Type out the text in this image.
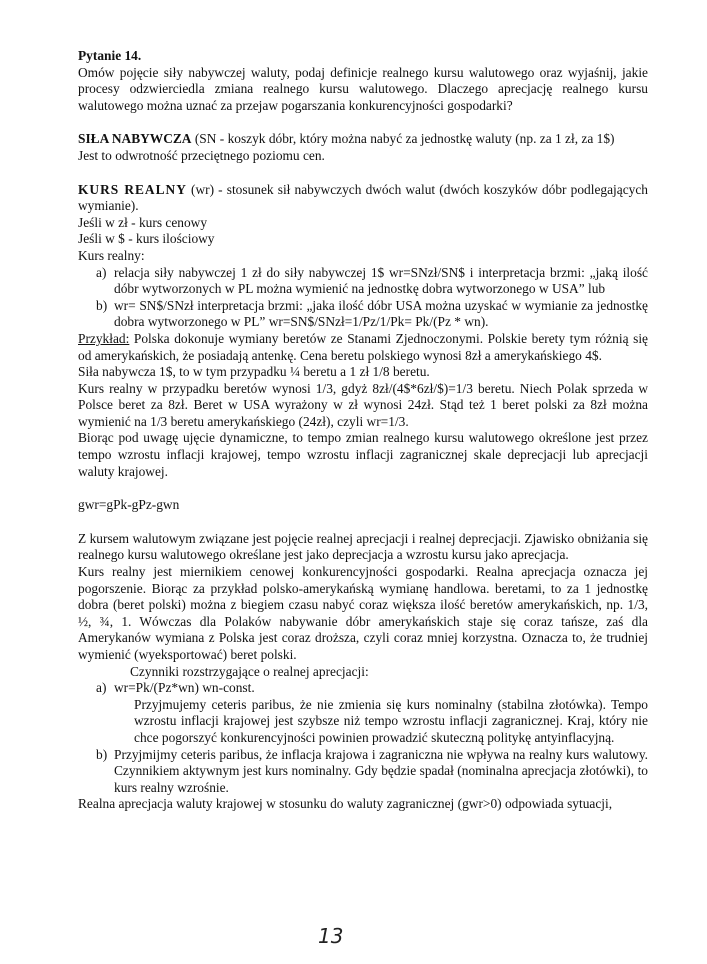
Pytanie 14.

Omów pojęcie siły nabywczej waluty, podaj definicje realnego kursu walutowego oraz wyjaśnij, jakie procesy odzwierciedla zmiana realnego kursu walutowego. Dlaczego aprecjację realnego kursu walutowego można uznać za przejaw pogarszania konkurencyjności gospodarki?

SIŁA NABYWCZA (SN - koszyk dóbr, który można nabyć za jednostkę waluty (np. za 1 zł, za 1$)

Jest to odwrotność przeciętnego poziomu cen.

KURS REALNY (wr) - stosunek sił nabywczych dwóch walut (dwóch koszyków dóbr podlegających wymianie).

Jeśli w zł - kurs cenowy

Jeśli w $ - kurs ilościowy

Kurs realny:

a) relacja siły nabywczej 1 zł do siły nabywczej 1$ wr=SNzł/SN$ i interpretacja brzmi: „jaką ilość dóbr wytworzonych w PL można wymienić na jednostkę dobra wytworzonego w USA” lub
b) wr= SN$/SNzł interpretacja brzmi: „jaka ilość dóbr USA można uzyskać w wymianie za jednostkę dobra wytworzonego w PL” wr=SN$/SNzł=1/Pz/1/Pk= Pk/(Pz * wn).

Przykład: Polska dokonuje wymiany beretów ze Stanami Zjednoczonymi. Polskie berety tym różnią się od amerykańskich, że posiadają antenkę. Cena beretu polskiego wynosi 8zł a amerykańskiego 4$.

Siła nabywcza 1$, to w tym przypadku ¼ beretu a 1 zł 1/8 beretu.

Kurs realny w przypadku beretów wynosi 1/3, gdyż 8zł/(4$*6zł/$)=1/3 beretu. Niech Polak sprzeda w Polsce beret za 8zł. Beret w USA wyrażony w zł wynosi 24zł. Stąd też 1 beret polski za 8zł można wymienić na 1/3 beretu amerykańskiego (24zł), czyli wr=1/3.

Biorąc pod uwagę ujęcie dynamiczne, to tempo zmian realnego kursu walutowego określone jest przez tempo wzrostu inflacji krajowej, tempo wzrostu inflacji zagranicznej skale deprecjacji lub aprecjacji waluty krajowej.

gwr=gPk-gPz-gwn

Z kursem walutowym związane jest pojęcie realnej aprecjacji i realnej deprecjacji. Zjawisko obniżania się realnego kursu walutowego określane jest jako deprecjacja a wzrostu kursu jako aprecjacja.

Kurs realny jest miernikiem cenowej konkurencyjności gospodarki. Realna aprecjacja oznacza jej pogorszenie. Biorąc za przykład polsko-amerykańską wymianę handlowa. beretami, to za 1 jednostkę dobra (beret polski) można z biegiem czasu nabyć coraz większa ilość beretów amerykańskich, np. 1/3, ½, ¾, 1. Wówczas dla Polaków nabywanie dóbr amerykańskich staje się coraz tańsze, zaś dla Amerykanów wymiana z Polska jest coraz droższa, czyli coraz mniej korzystna. Oznacza to, że trudniej wymienić (wyeksportować) beret polski.

Czynniki rozstrzygające o realnej aprecjacji:

a) wr=Pk/(Pz*wn) wn-const.

Przyjmujemy ceteris paribus, że nie zmienia się kurs nominalny (stabilna złotówka). Tempo wzrostu inflacji krajowej jest szybsze niż tempo wzrostu inflacji zagranicznej. Kraj, który nie chce pogorszyć konkurencyjności powinien prowadzić skuteczną politykę antyinflacyjną.

b) Przyjmijmy ceteris paribus, że inflacja krajowa i zagraniczna nie wpływa na realny kurs walutowy. Czynnikiem aktywnym jest kurs nominalny. Gdy będzie spadał (nominalna aprecjacja złotówki), to kurs realny wzrośnie.

Realna aprecjacja waluty krajowej w stosunku do waluty zagranicznej (gwr>0) odpowiada sytuacji,

13
